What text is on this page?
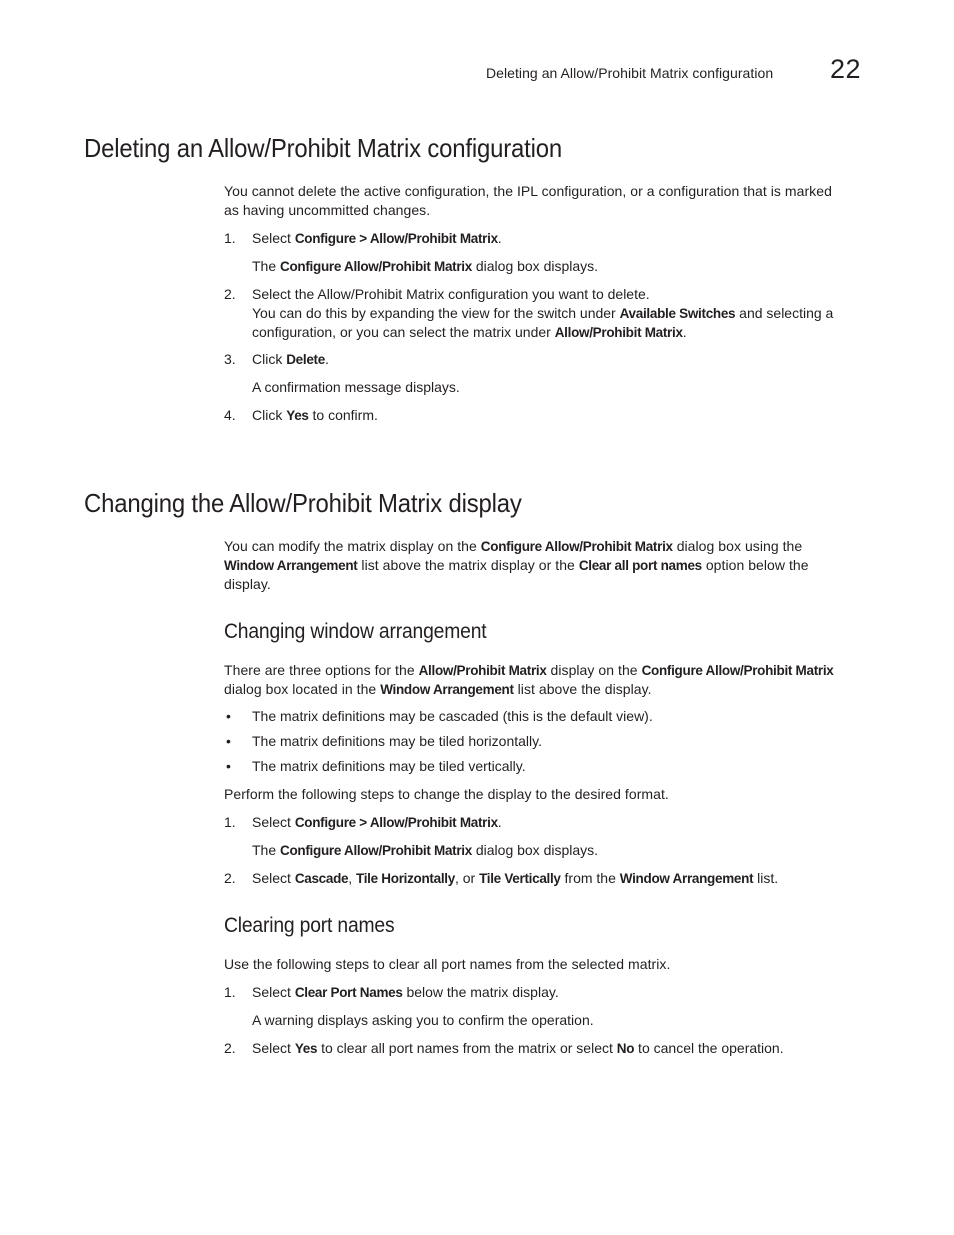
Deleting an Allow/Prohibit Matrix configuration 22
Deleting an Allow/Prohibit Matrix configuration

You cannot delete the active configuration, the IPL configuration, or a configuration that is marked
as having uncommitted changes.

1.	Select Configure > Allow/Prohibit Matrix.
The Configure Allow/Prohibit Matrix dialog box displays.
2.	Select the Allow/Prohibit Matrix configuration you want to delete.
You can do this by expanding the view for the switch under Available Switches and selecting a
configuration, or you can select the matrix under Allow/Prohibit Matrix.
3.	Click Delete.
A confirmation message displays.
4.	Click Yes to confirm.
Changing the Allow/Prohibit Matrix display

You can modify the matrix display on the Configure Allow/Prohibit Matrix dialog box using the
Window Arrangement list above the matrix display or the Clear all port names option below the
display.

Changing window arrangement

There are three options for the Allow/Prohibit Matrix display on the Configure Allow/Prohibit Matrix
dialog box located in the Window Arrangement list above the display.

• The matrix definitions may be cascaded (this is the default view).
• The matrix definitions may be tiled horizontally.
• The matrix definitions may be tiled vertically.

Perform the following steps to change the display to the desired format.

1.	Select Configure > Allow/Prohibit Matrix.
The Configure Allow/Prohibit Matrix dialog box displays.
2.	Select Cascade, Tile Horizontally, or Tile Vertically from the Window Arrangement list.
Clearing port names

Use the following steps to clear all port names from the selected matrix.

1.	Select Clear Port Names below the matrix display.
A warning displays asking you to confirm the operation.
2.	Select Yes to clear all port names from the matrix or select No to cancel the operation.
